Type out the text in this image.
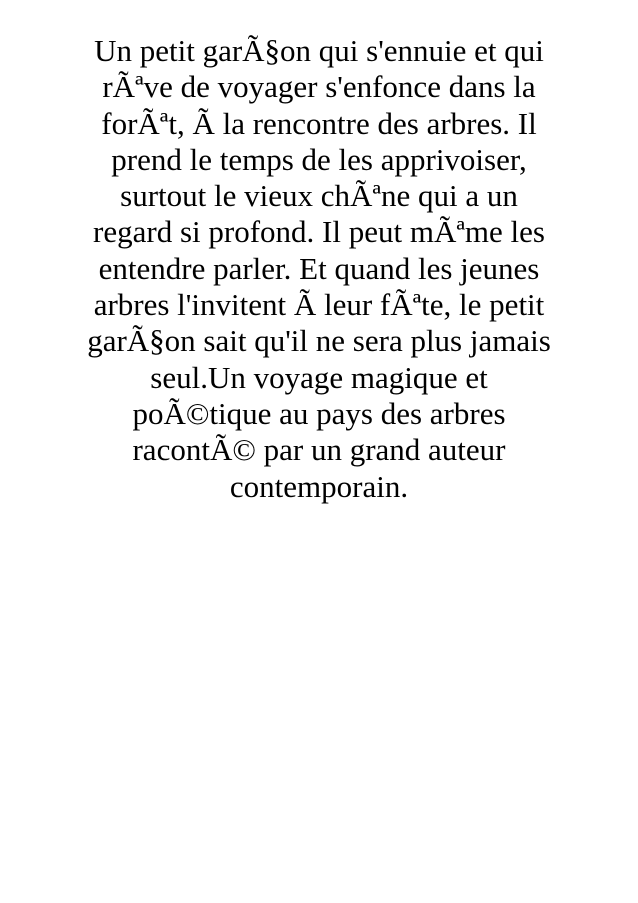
Un petit garÃ§on qui s'ennuie et qui
rÃªve de voyager s'enfonce dans la
forÃªt, Ã la rencontre des arbres. Il
prend le temps de les apprivoiser,
surtout le vieux chÃªne qui a un
regard si profond. Il peut mÃªme les
entendre parler. Et quand les jeunes
arbres l'invitent Ã leur fÃªte, le petit
garÃ§on sait qu'il ne sera plus jamais
seul.Un voyage magique et
poÃ©tique au pays des arbres
racontÃ© par un grand auteur
contemporain.
